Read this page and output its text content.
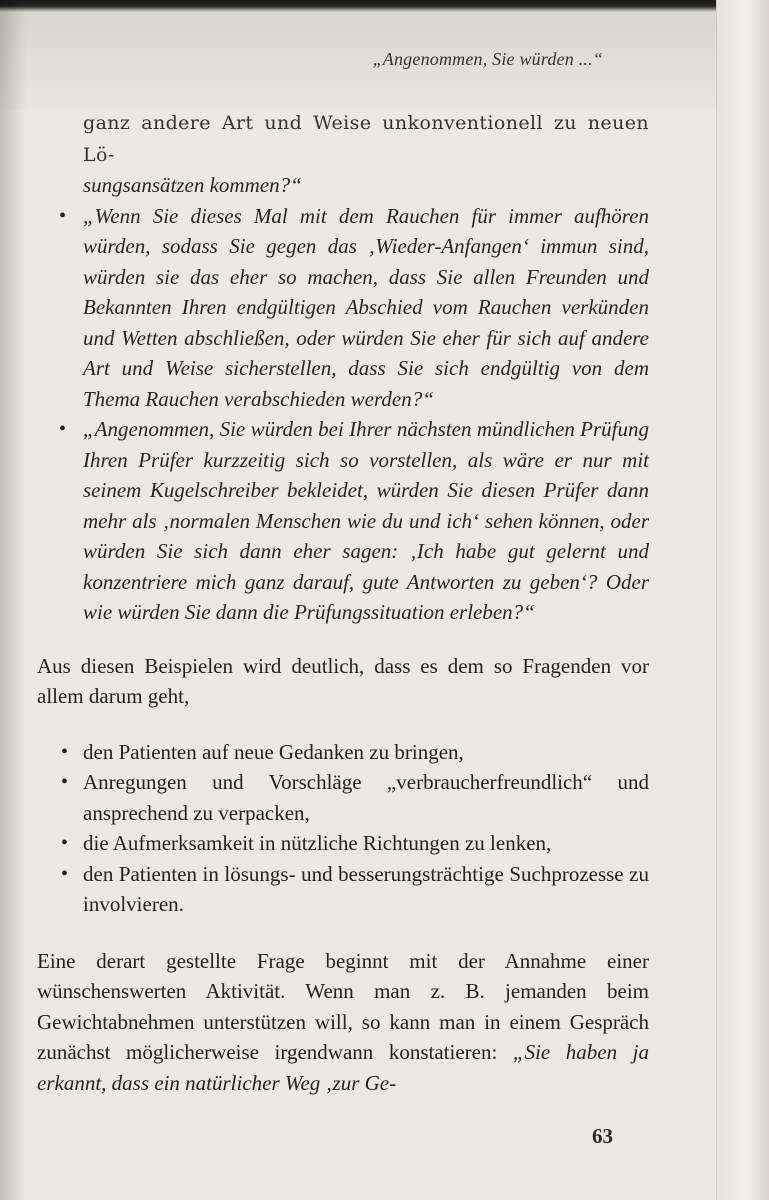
„Angenommen, Sie würden ...“

ganz andere Art und Weise unkonventionell zu neuen Lö-
sungsansätzen kommen?“

• „Wenn Sie dieses Mal mit dem Rauchen für immer aufhören würden, sodass Sie gegen das ‚Wieder-Anfangen‘ immun sind, würden sie das eher so machen, dass Sie allen Freunden und Bekannten Ihren endgültigen Abschied vom Rauchen verkünden und Wetten abschließen, oder würden Sie eher für sich auf andere Art und Weise sicherstellen, dass Sie sich endgültig von dem Thema Rauchen verabschieden werden?“

• „Angenommen, Sie würden bei Ihrer nächsten mündlichen Prüfung Ihren Prüfer kurzzeitig sich so vorstellen, als wäre er nur mit seinem Kugelschreiber bekleidet, würden Sie diesen Prüfer dann mehr als ‚normalen Menschen wie du und ich‘ sehen können, oder würden Sie sich dann eher sagen: ‚Ich habe gut gelernt und konzentriere mich ganz darauf, gute Antworten zu geben‘? Oder wie würden Sie dann die Prüfungssituation erleben?“

Aus diesen Beispielen wird deutlich, dass es dem so Fragenden vor allem darum geht,

• den Patienten auf neue Gedanken zu bringen,

• Anregungen und Vorschläge „verbraucherfreundlich“ und ansprechend zu verpacken,

• die Aufmerksamkeit in nützliche Richtungen zu lenken,

• den Patienten in lösungs- und besserungsträchtige Suchprozesse zu involvieren.

Eine derart gestellte Frage beginnt mit der Annahme einer wünschenswerten Aktivität. Wenn man z. B. jemanden beim Gewichtabnehmen unterstützen will, so kann man in einem Gespräch zunächst möglicherweise irgendwann konstatieren: „Sie haben ja erkannt, dass ein natürlicher Weg ‚zur Ge-

63
